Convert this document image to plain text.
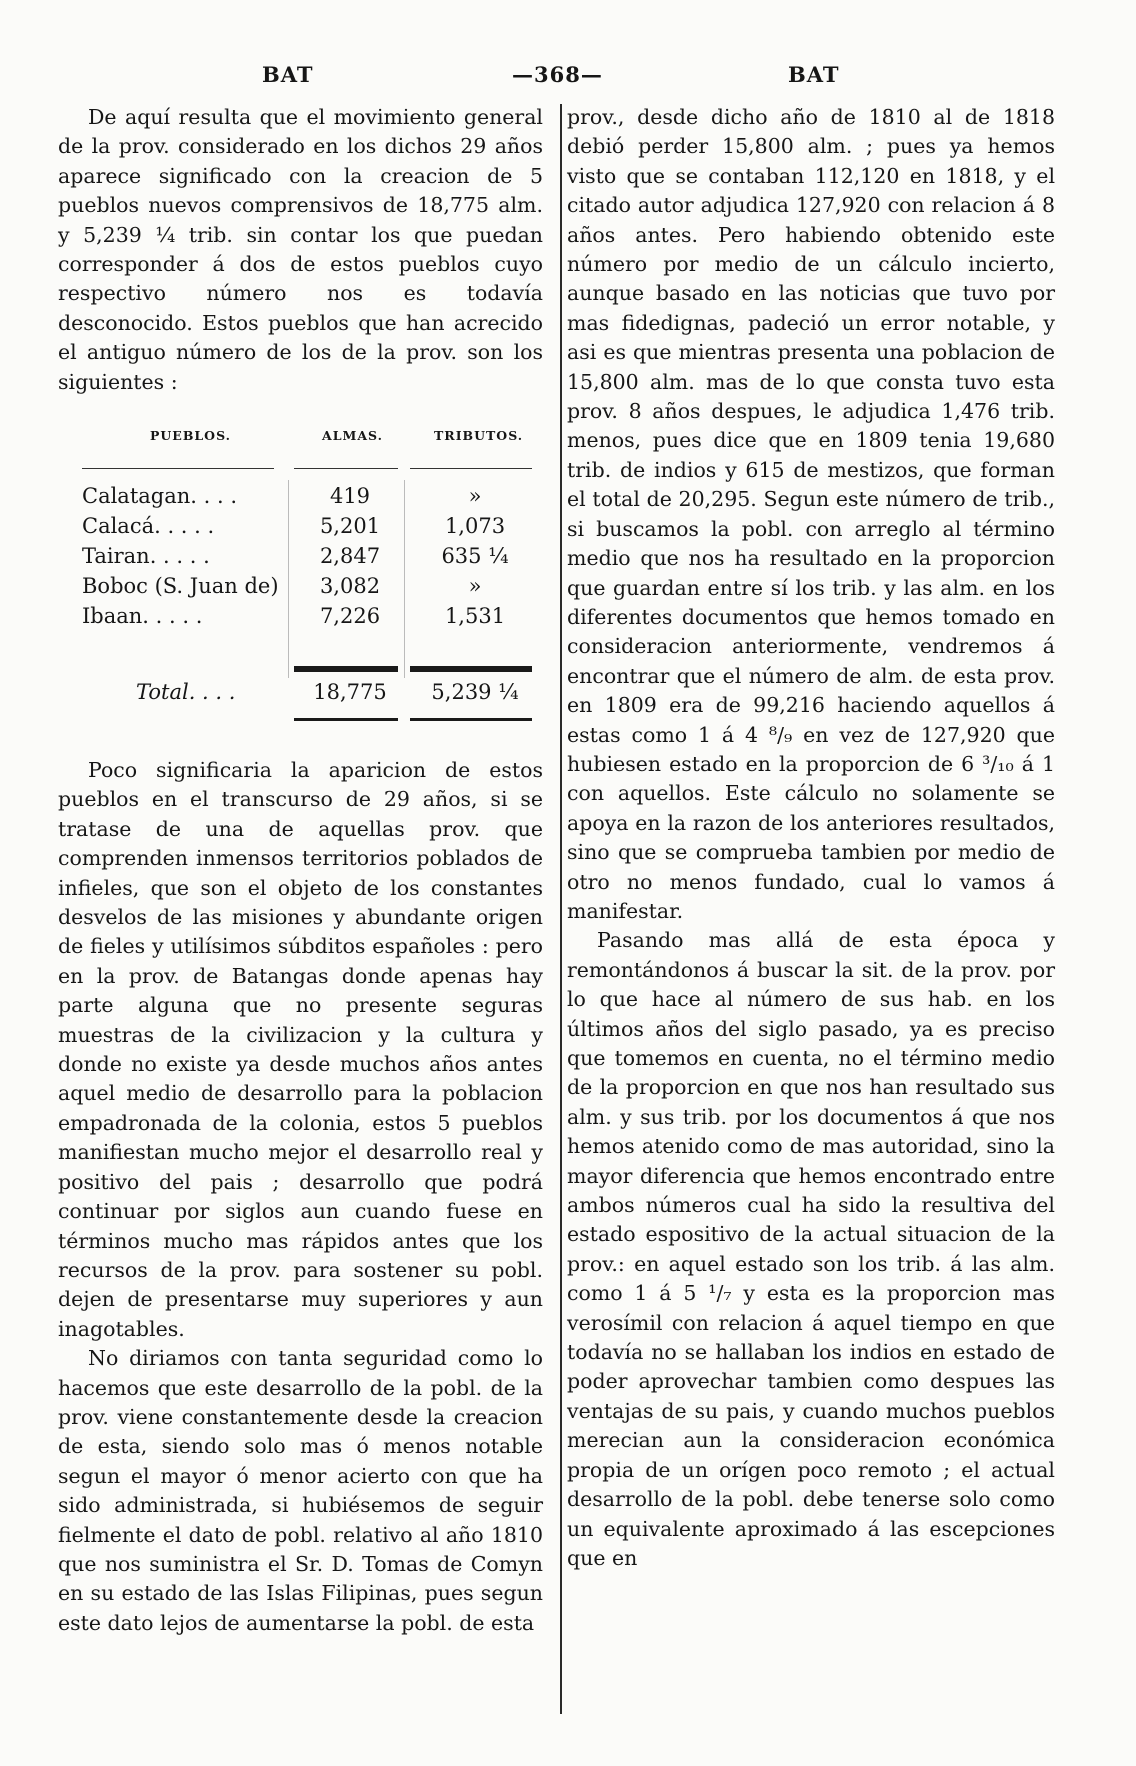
BAT	—368—	BAT

De aquí resulta que el movimiento general de la prov. considerado en los dichos 29 años aparece significado con la creacion de 5 pueblos nuevos comprensivos de 18,775 alm. y 5,239 ¼ trib. sin contar los que puedan corresponder á dos de estos pueblos cuyo respectivo número nos es todavía desconocido. Estos pueblos que han acrecido el antiguo número de los de la prov. son los siguientes :

PUEBLOS.	ALMAS.	TRIBUTOS.
Calatagan. . . .	419	»
Calacá. . . . .	5,201	1,073
Tairan. . . . .	2,847	635 ¼
Boboc (S. Juan de)	3,082	»
Ibaan. . . . .	7,226	1,531
Total. . . .	18,775	5,239 ¼

Poco significaria la aparicion de estos pueblos en el transcurso de 29 años, si se tratase de una de aquellas prov. que comprenden inmensos territorios poblados de infieles, que son el objeto de los constantes desvelos de las misiones y abundante origen de fieles y utilísimos súbditos españoles : pero en la prov. de Batangas donde apenas hay parte alguna que no presente seguras muestras de la civilizacion y la cultura y donde no existe ya desde muchos años antes aquel medio de desarrollo para la poblacion empadronada de la colonia, estos 5 pueblos manifiestan mucho mejor el desarrollo real y positivo del pais ; desarrollo que podrá continuar por siglos aun cuando fuese en términos mucho mas rápidos antes que los recursos de la prov. para sostener su pobl. dejen de presentarse muy superiores y aun inagotables.

No diriamos con tanta seguridad como lo hacemos que este desarrollo de la pobl. de la prov. viene constantemente desde la creacion de esta, siendo solo mas ó menos notable segun el mayor ó menor acierto con que ha sido administrada, si hubiésemos de seguir fielmente el dato de pobl. relativo al año 1810 que nos suministra el Sr. D. Tomas de Comyn en su estado de las Islas Filipinas, pues segun este dato lejos de aumentarse la pobl. de esta

prov., desde dicho año de 1810 al de 1818 debió perder 15,800 alm. ; pues ya hemos visto que se contaban 112,120 en 1818, y el citado autor adjudica 127,920 con relacion á 8 años antes. Pero habiendo obtenido este número por medio de un cálculo incierto, aunque basado en las noticias que tuvo por mas fidedignas, padeció un error notable, y asi es que mientras presenta una poblacion de 15,800 alm. mas de lo que consta tuvo esta prov. 8 años despues, le adjudica 1,476 trib. menos, pues dice que en 1809 tenia 19,680 trib. de indios y 615 de mestizos, que forman el total de 20,295. Segun este número de trib., si buscamos la pobl. con arreglo al término medio que nos ha resultado en la proporcion que guardan entre sí los trib. y las alm. en los diferentes documentos que hemos tomado en consideracion anteriormente, vendremos á encontrar que el número de alm. de esta prov. en 1809 era de 99,216 haciendo aquellos á estas como 1 á 4 ⁸/₉ en vez de 127,920 que hubiesen estado en la proporcion de 6 ³/₁₀ á 1 con aquellos. Este cálculo no solamente se apoya en la razon de los anteriores resultados, sino que se comprueba tambien por medio de otro no menos fundado, cual lo vamos á manifestar.

Pasando mas allá de esta época y remontándonos á buscar la sit. de la prov. por lo que hace al número de sus hab. en los últimos años del siglo pasado, ya es preciso que tomemos en cuenta, no el término medio de la proporcion en que nos han resultado sus alm. y sus trib. por los documentos á que nos hemos atenido como de mas autoridad, sino la mayor diferencia que hemos encontrado entre ambos números cual ha sido la resultiva del estado espositivo de la actual situacion de la prov.: en aquel estado son los trib. á las alm. como 1 á 5 ¹/₇ y esta es la proporcion mas verosímil con relacion á aquel tiempo en que todavía no se hallaban los indios en estado de poder aprovechar tambien como despues las ventajas de su pais, y cuando muchos pueblos merecian aun la consideracion económica propia de un orígen poco remoto ; el actual desarrollo de la pobl. debe tenerse solo como un equivalente aproximado á las escepciones que en
